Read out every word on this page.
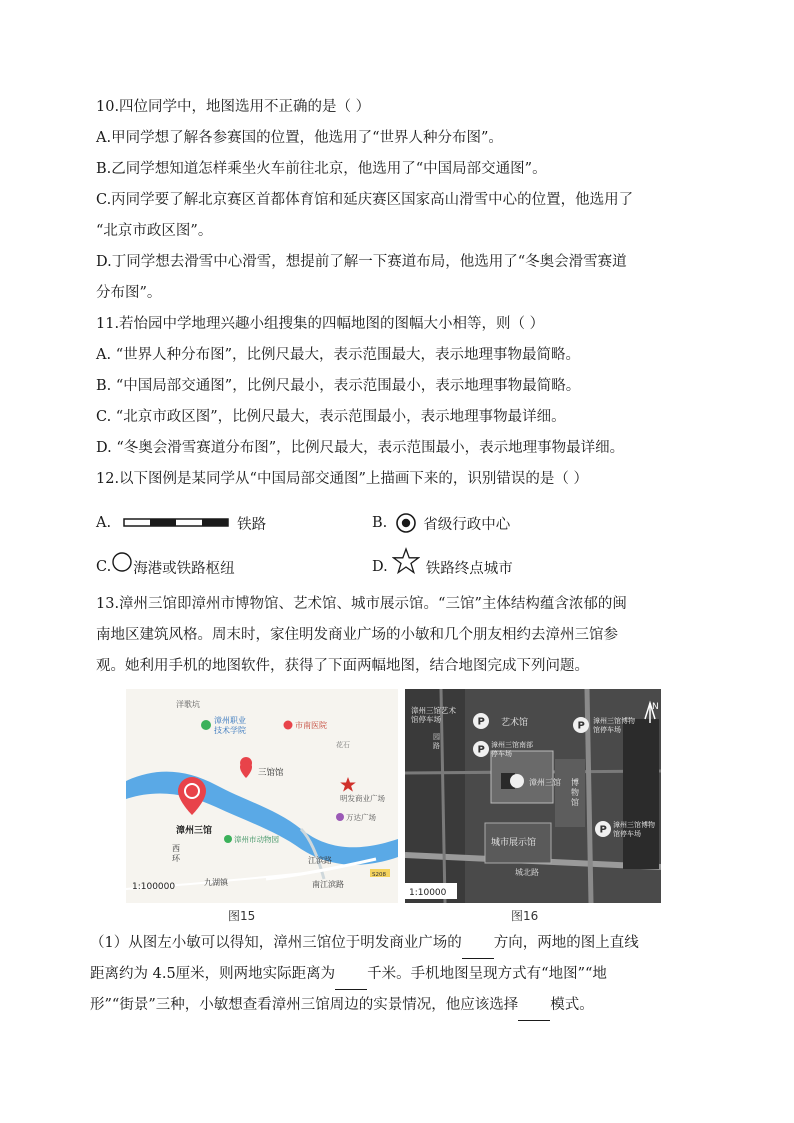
10.四位同学中，地图选用不正确的是（ ）
A.甲同学想了解各参赛国的位置，他选用了“世界人种分布图”。
B.乙同学想知道怎样乘坐火车前往北京，他选用了“中国局部交通图”。
C.丙同学要了解北京赛区首都体育馆和延庆赛区国家高山滑雪中心的位置，他选用了
“北京市政区图”。
D.丁同学想去滑雪中心滑雪，想提前了解一下赛道布局，他选用了“冬奥会滑雪赛道
分布图”。
11.若怡园中学地理兴趣小组搜集的四幅地图的图幅大小相等，则（ ）
A. “世界人种分布图”，比例尺最大，表示范围最大，表示地理事物最简略。
B. “中国局部交通图”，比例尺最小，表示范围最小，表示地理事物最简略。
C. “北京市政区图”，比例尺最大，表示范围最小，表示地理事物最详细。
D. “冬奥会滑雪赛道分布图”，比例尺最大，表示范围最小，表示地理事物最详细。
12.以下图例是某同学从“中国局部交通图”上描画下来的，识别错误的是（ ）
A.	铁路	B. 省级行政中心
C. 海港或铁路枢纽	D.	铁路终点城市
13.漳州三馆即漳州市博物馆、艺术馆、城市展示馆。“三馆”主体结构蕴含浓郁的闽
南地区建筑风格。周末时，家住明发商业广场的小敏和几个朋友相约去漳州三馆参
观。她利用手机的地图软件，获得了下面两幅地图，结合地图完成下列问题。
洋歌坑
漳州职业技术学院
市南医院
花石
三馆馆
明发商业广场
万达广场
漳州三馆
漳州市动物园
西环
九湖镇
江滨路
南江滨路
S208
1:100000
漳州三馆艺术馆停车场	P 艺术馆
P 漳州三馆南部停车场
P 漳州三馆博物馆停车场
N
漳州三馆 博物馆
P 漳州三馆博物馆停车场
城市展示馆
城北路
园路
1:10000
图15	图16
（1）从图左小敏可以得知，漳州三馆位于明发商业广场的 方向，两地的图上直线
距离约为 4.5厘米，则两地实际距离为 千米。手机地图呈现方式有“地图”“地
形”“街景”三种，小敏想查看漳州三馆周边的实景情况，他应该选择 模式。
